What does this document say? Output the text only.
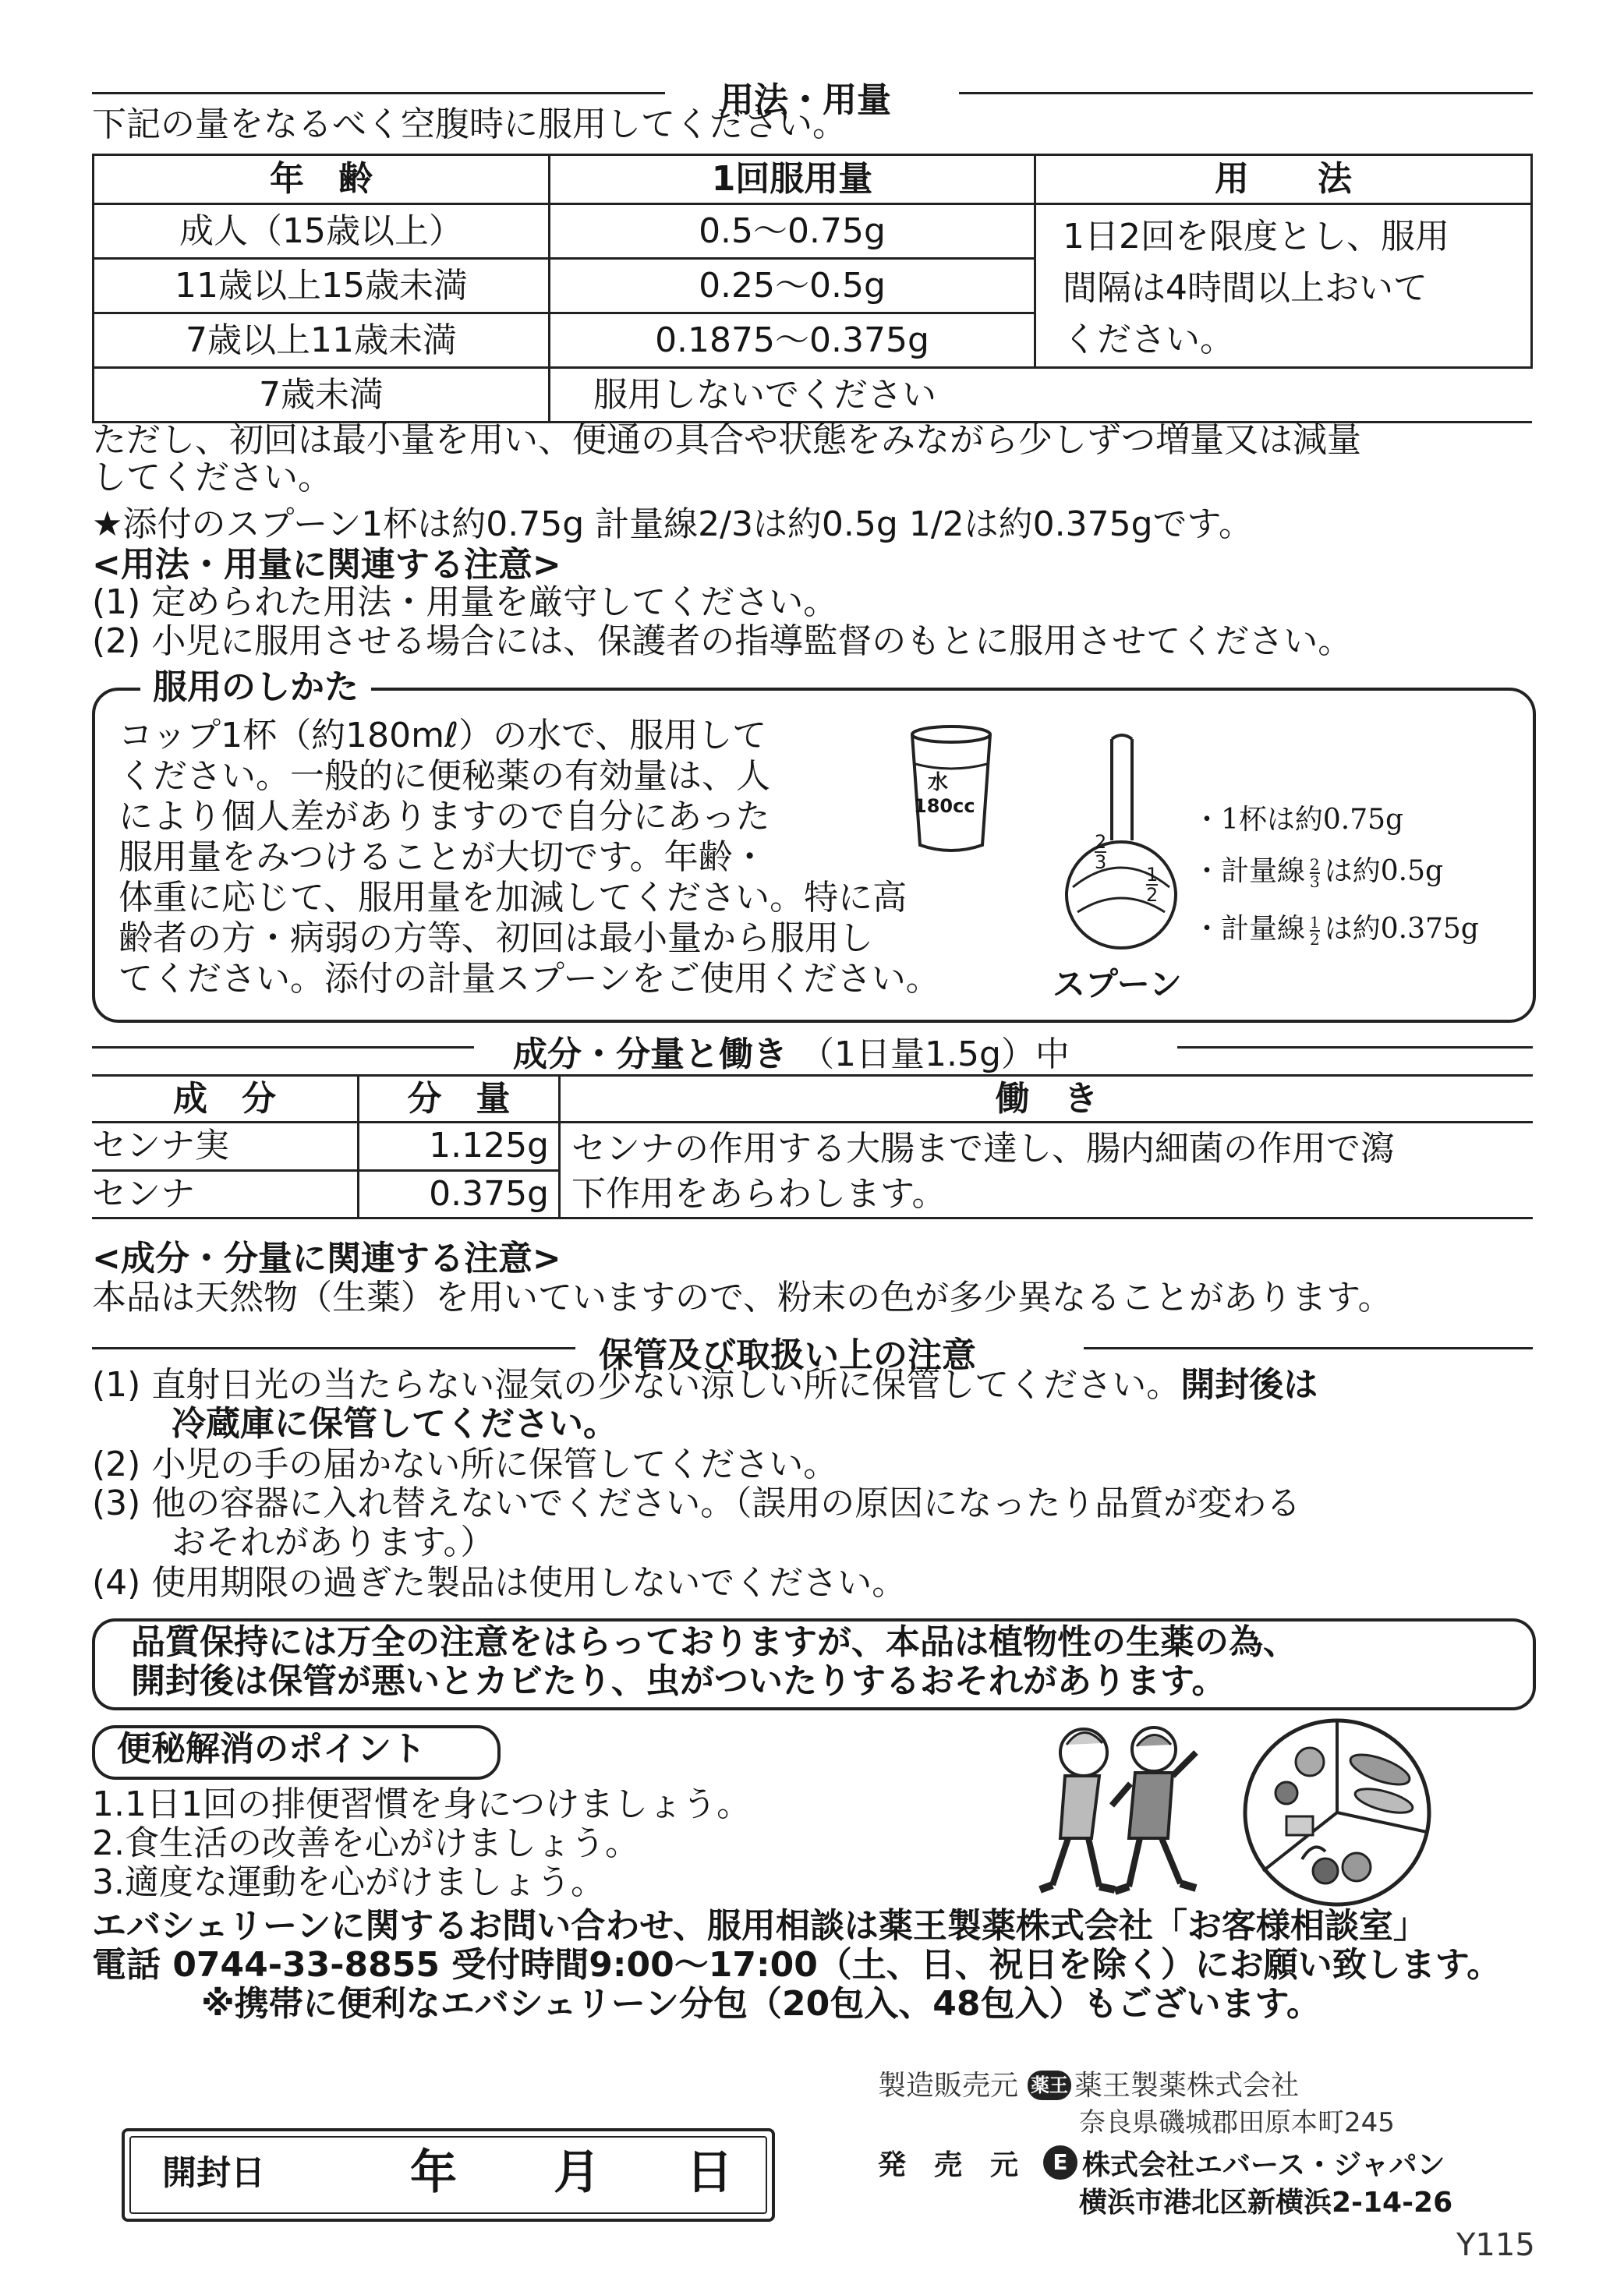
用法・用量
下記の量をなるべく空腹時に服用してください。
年　齢	1回服用量	用　　法
成人（15歳以上）	0.5〜0.75g	1日2回を限度とし、服用
間隔は4時間以上おいて
ください。

11歳以上15歳未満	0.25〜0.5g	
7歳以上11歳未満	0.1875〜0.375g	
7歳未満	服用しないでください	
ただし、初回は最小量を用い、便通の具合や状態をみながら少しずつ増量又は減量
してください。
★添付のスプーン1杯は約0.75g 計量線2/3は約0.5g 1/2は約0.375gです。
<用法・用量に関連する注意>
(1) 定められた用法・用量を厳守してください。
(2) 小児に服用させる場合には、保護者の指導監督のもとに服用させてください。
服用のしかた
コップ1杯（約180mℓ）の水で、服用して
ください。一般的に便秘薬の有効量は、人
により個人差がありますので自分にあった
服用量をみつけることが大切です。年齢・
体重に応じて、服用量を加減してください。特に高
齢者の方・病弱の方等、初回は最小量から服用し
てください。添付の計量スプーンをご使用ください。
水
180cc
$\frac{2}{3}$
$\frac{1}{2}$
スプーン
・1杯は約0.75g
・計量線 $\frac{2}{3}$ は約0.5g
・計量線 $\frac{1}{2}$ は約0.375g
成分・分量と働き （1日量1.5g）中
成　分	分　量	働　き
センナ実	1.125g	センナの作用する大腸まで達し、腸内細菌の作用で瀉
下作用をあらわします。

センナ	0.375g	
<成分・分量に関連する注意>
本品は天然物（生薬）を用いていますので、粉末の色が多少異なることがあります。
保管及び取扱い上の注意
(1) 直射日光の当たらない湿気の少ない涼しい所に保管してください。開封後は
冷蔵庫に保管してください。
(2) 小児の手の届かない所に保管してください。
(3) 他の容器に入れ替えないでください。（誤用の原因になったり品質が変わる
おそれがあります。）
(4) 使用期限の過ぎた製品は使用しないでください。
品質保持には万全の注意をはらっておりますが、本品は植物性の生薬の為、
開封後は保管が悪いとカビたり、虫がついたりするおそれがあります。
便秘解消のポイント
1.1日1回の排便習慣を身につけましょう。
2.食生活の改善を心がけましょう。
3.適度な運動を心がけましょう。
エバシェリーンに関するお問い合わせ、服用相談は薬王製薬株式会社「お客様相談室」
電話 0744-33-8855 受付時間9:00〜17:00（土、日、祝日を除く）にお願い致します。
※携帯に便利なエバシェリーン分包（20包入、48包入）もございます。
開封日	年 月 日
製造販売元 薬王 薬王製薬株式会社
奈良県磯城郡田原本町245
発　売　元	E 株式会社エバース・ジャパン
横浜市港北区新横浜2-14-26
Y115
